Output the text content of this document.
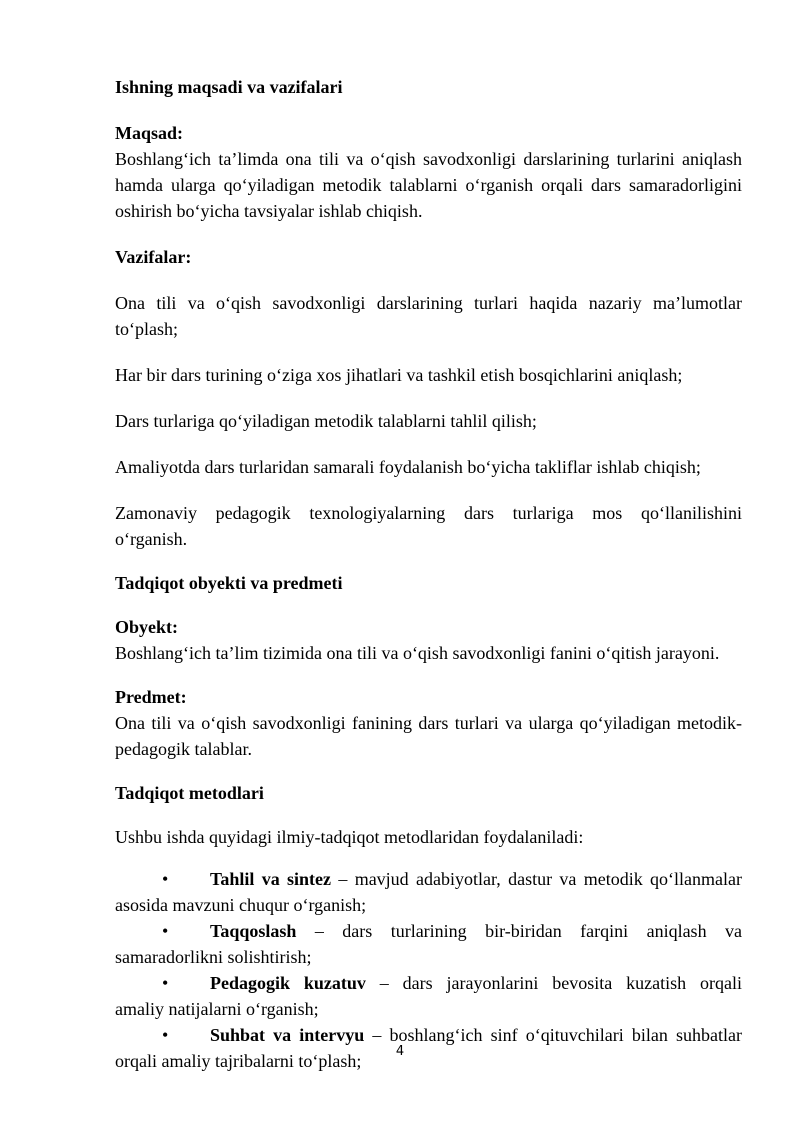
Ishning maqsadi va vazifalari

Maqsad:

Boshlang‘ich ta’limda ona tili va o‘qish savodxonligi darslarining turlarini aniqlash
hamda ularga qo‘yiladigan metodik talablarni o‘rganish orqali dars samaradorligini
oshirish bo‘yicha tavsiyalar ishlab chiqish.

Vazifalar:

Ona tili va o‘qish savodxonligi darslarining turlari haqida nazariy ma’lumotlar
to‘plash;

Har bir dars turining o‘ziga xos jihatlari va tashkil etish bosqichlarini aniqlash;

Dars turlariga qo‘yiladigan metodik talablarni tahlil qilish;

Amaliyotda dars turlaridan samarali foydalanish bo‘yicha takliflar ishlab chiqish;

Zamonaviy pedagogik texnologiyalarning dars turlariga mos qo‘llanilishini
o‘rganish.

Tadqiqot obyekti va predmeti

Obyekt:

Boshlang‘ich ta’lim tizimida ona tili va o‘qish savodxonligi fanini o‘qitish jarayoni.

Predmet:

Ona tili va o‘qish savodxonligi fanining dars turlari va ularga qo‘yiladigan metodik-
pedagogik talablar.

Tadqiqot metodlari

Ushbu ishda quyidagi ilmiy-tadqiqot metodlaridan foydalaniladi:

•	Tahlil va sintez – mavjud adabiyotlar, dastur va metodik qo‘llanmalar
asosida mavzuni chuqur o‘rganish;
•	Taqqoslash – dars turlarining bir-biridan farqini aniqlash va
samaradorlikni solishtirish;
•	Pedagogik kuzatuv – dars jarayonlarini bevosita kuzatish orqali
amaliy natijalarni o‘rganish;
•	Suhbat va intervyu – boshlang‘ich sinf o‘qituvchilari bilan suhbatlar
orqali amaliy tajribalarni to‘plash;	4
